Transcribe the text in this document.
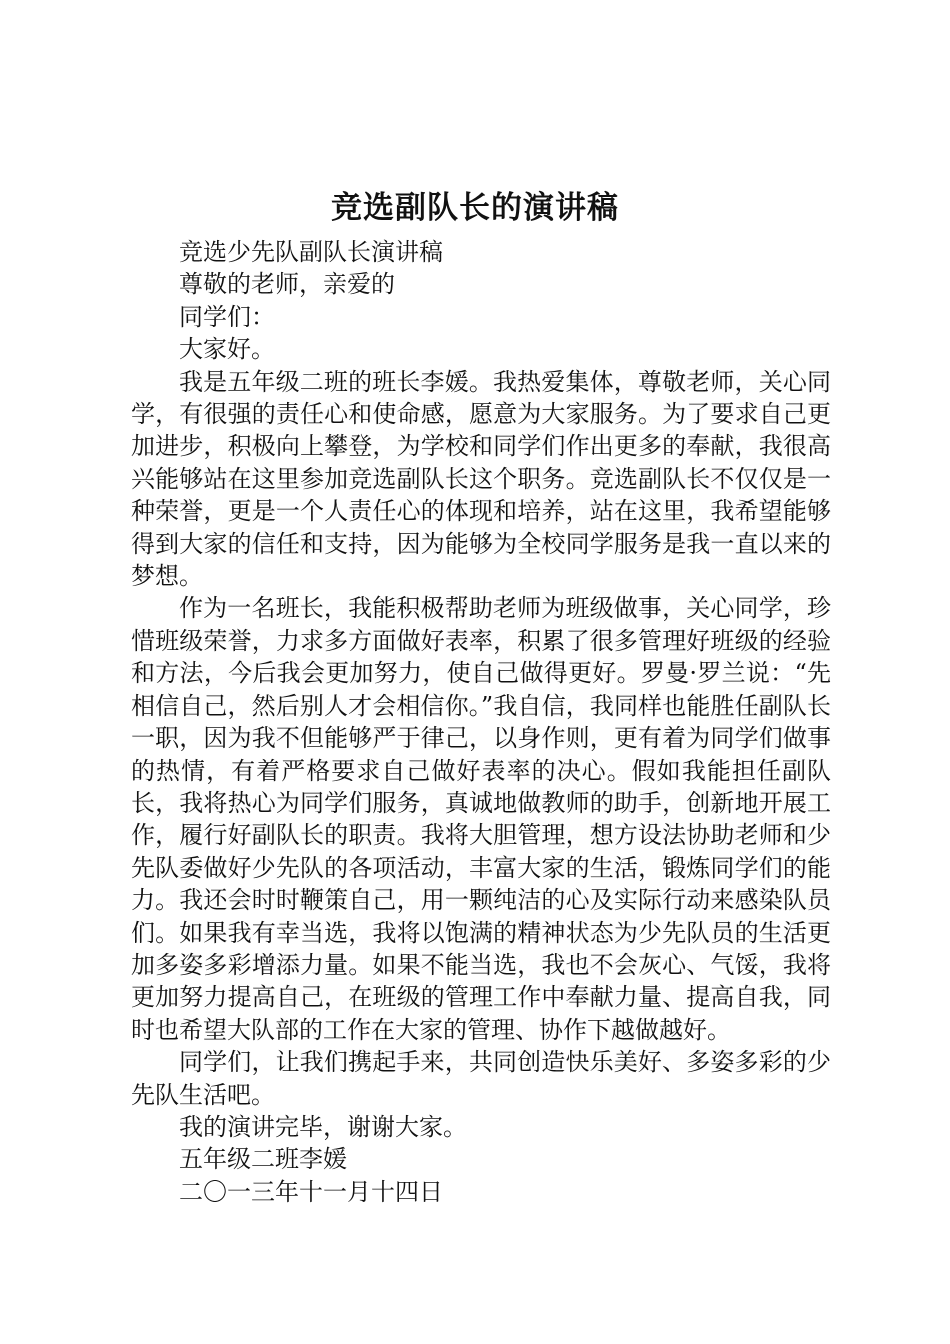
竞选副队长的演讲稿

竞选少先队副队长演讲稿

尊敬的老师，亲爱的

同学们：

大家好。

我是五年级二班的班长李媛。我热爱集体，尊敬老师，关心同学，有很强的责任心和使命感，愿意为大家服务。为了要求自己更加进步，积极向上攀登，为学校和同学们作出更多的奉献，我很高兴能够站在这里参加竞选副队长这个职务。竞选副队长不仅仅是一种荣誉，更是一个人责任心的体现和培养，站在这里，我希望能够得到大家的信任和支持，因为能够为全校同学服务是我一直以来的梦想。

作为一名班长，我能积极帮助老师为班级做事，关心同学，珍惜班级荣誉，力求多方面做好表率，积累了很多管理好班级的经验和方法，今后我会更加努力，使自己做得更好。罗曼·罗兰说：“先相信自己，然后别人才会相信你。”我自信，我同样也能胜任副队长一职，因为我不但能够严于律己，以身作则，更有着为同学们做事的热情，有着严格要求自己做好表率的决心。假如我能担任副队长，我将热心为同学们服务，真诚地做教师的助手，创新地开展工作，履行好副队长的职责。我将大胆管理，想方设法协助老师和少先队委做好少先队的各项活动，丰富大家的生活，锻炼同学们的能力。我还会时时鞭策自己，用一颗纯洁的心及实际行动来感染队员们。如果我有幸当选，我将以饱满的精神状态为少先队员的生活更加多姿多彩增添力量。如果不能当选，我也不会灰心、气馁，我将更加努力提高自己，在班级的管理工作中奉献力量、提高自我，同时也希望大队部的工作在大家的管理、协作下越做越好。

同学们，让我们携起手来，共同创造快乐美好、多姿多彩的少先队生活吧。

我的演讲完毕，谢谢大家。

五年级二班李媛

二〇一三年十一月十四日
